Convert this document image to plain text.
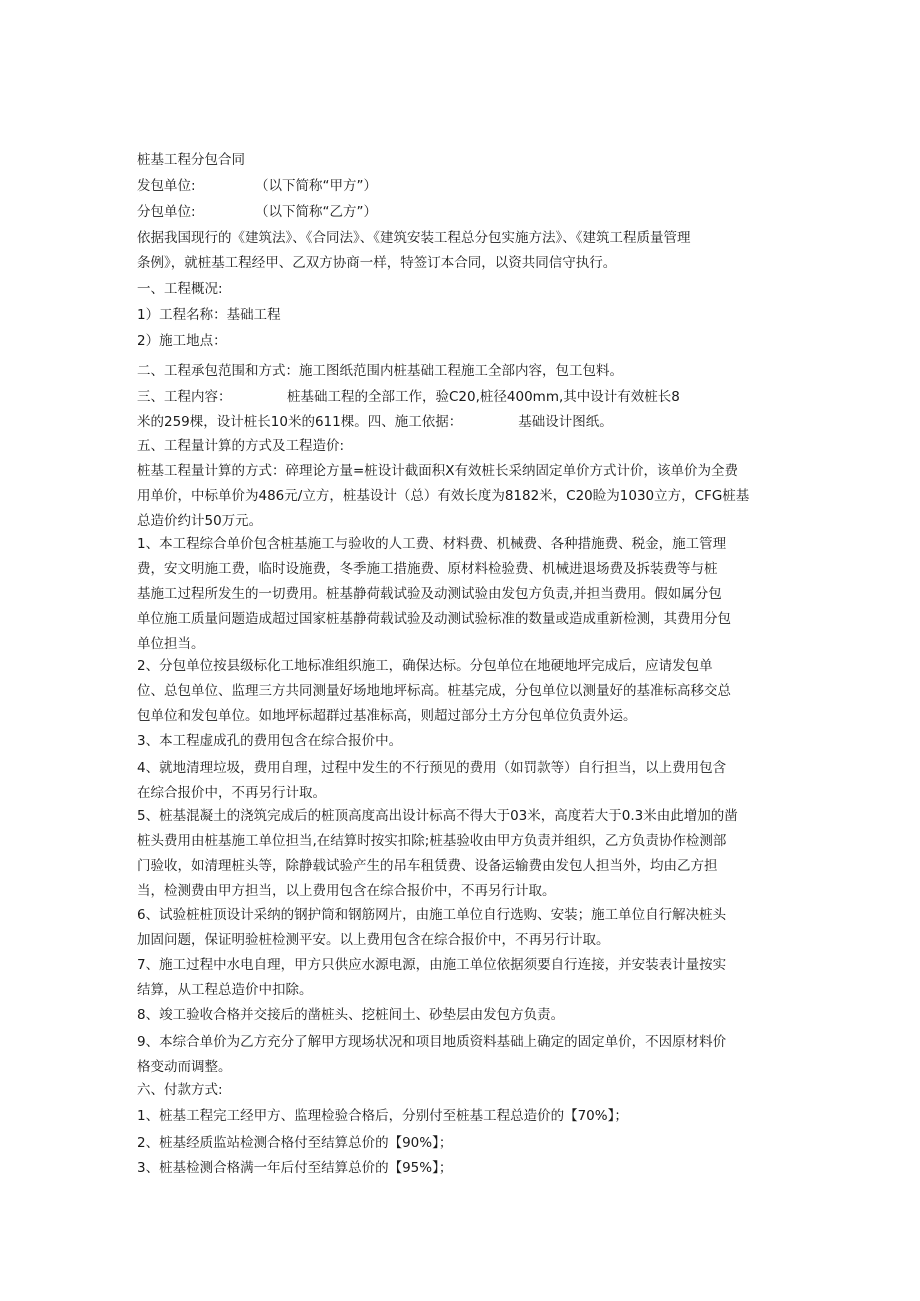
桩基工程分包合同
发包单位:	（以下简称“甲方”）
分包单位:	（以下简称“乙方”）
依据我国现行的《建筑法》、《合同法》、《建筑安装工程总分包实施方法》、《建筑工程质量管理
条例》，就桩基工程经甲、乙双方协商一样，特签订本合同，以资共同信守执行。
一、工程概况:
1）工程名称：基础工程
2）施工地点：
二、工程承包范围和方式：施工图纸范围内桩基础工程施工全部内容，包工包料。
三、工程内容：	桩基础工程的全部工作，验C20,桩径400mm,其中设计有效桩长8
米的259棵，设计桩长10米的611棵。四、施工依据：	基础设计图纸。
五、工程量计算的方式及工程造价:
桩基工程量计算的方式：碎理论方量=桩设计截面积X有效桩长采纳固定单价方式计价，该单价为全费
用单价，中标单价为486元/立方，桩基设计（总）有效长度为8182米，C20睑为1030立方，CFG桩基
总造价约计50万元。
1、本工程综合单价包含桩基施工与验收的人工费、材料费、机械费、各种措施费、税金，施工管理
费，安文明施工费，临时设施费，冬季施工措施费、原材料检验费、机械进退场费及拆装费等与桩
基施工过程所发生的一切费用。桩基静荷载试验及动测试验由发包方负责,并担当费用。假如属分包
单位施工质量问题造成超过国家桩基静荷载试验及动测试验标准的数量或造成重新检测，其费用分包
单位担当。
2、分包单位按县级标化工地标准组织施工，确保达标。分包单位在地硬地坪完成后，应请发包单
位、总包单位、监理三方共同测量好场地地坪标高。桩基完成，分包单位以测量好的基准标高移交总
包单位和发包单位。如地坪标超群过基准标高，则超过部分土方分包单位负责外运。
3、本工程虚成孔的费用包含在综合报价中。
4、就地清理垃圾，费用自理，过程中发生的不行预见的费用（如罚款等）自行担当，以上费用包含
在综合报价中，不再另行计取。
5、桩基混凝土的浇筑完成后的桩顶高度高出设计标高不得大于03米，高度若大于0.3米由此增加的凿
桩头费用由桩基施工单位担当,在结算时按实扣除;桩基验收由甲方负责并组织，乙方负责协作检测部
门验收，如清理桩头等，除静载试验产生的吊车租赁费、设备运输费由发包人担当外，均由乙方担
当，检测费由甲方担当，以上费用包含在综合报价中，不再另行计取。
6、试验桩桩顶设计采纳的钢护筒和钢筋网片，由施工单位自行选购、安装；施工单位自行解决桩头
加固问题，保证明验桩检测平安。以上费用包含在综合报价中，不再另行计取。
7、施工过程中水电自理，甲方只供应水源电源，由施工单位依据须要自行连接，并安装表计量按实
结算，从工程总造价中扣除。
8、竣工验收合格并交接后的凿桩头、挖桩间土、砂垫层由发包方负责。
9、本综合单价为乙方充分了解甲方现场状况和项目地质资料基础上确定的固定单价，不因原材料价
格变动而调整。
六、付款方式:
1、桩基工程完工经甲方、监理检验合格后，分别付至桩基工程总造价的【70%】；
2、桩基经质监站检测合格付至结算总价的【90%】；
3、桩基检测合格满一年后付至结算总价的【95%】；
